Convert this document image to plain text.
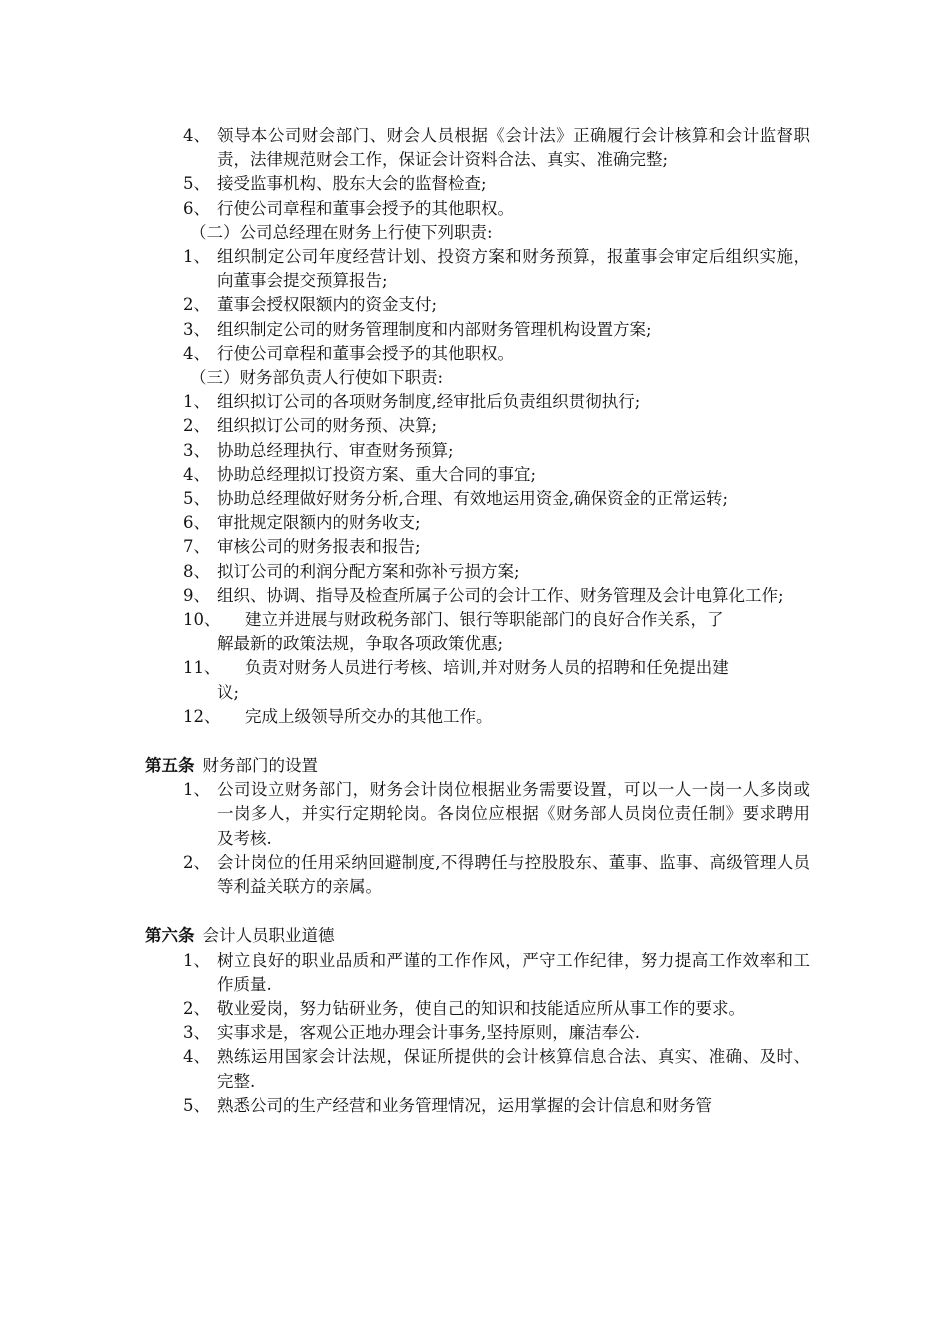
4、 领导本公司财会部门、财会人员根据《会计法》正确履行会计核算和会计监督职责，法律规范财会工作，保证会计资料合法、真实、准确完整;
5、 接受监事机构、股东大会的监督检查;
6、 行使公司章程和董事会授予的其他职权。
（二）公司总经理在财务上行使下列职责:
1、 组织制定公司年度经营计划、投资方案和财务预算，报董事会审定后组织实施，向董事会提交预算报告;
2、 董事会授权限额内的资金支付;
3、 组织制定公司的财务管理制度和内部财务管理机构设置方案;
4、 行使公司章程和董事会授予的其他职权。
（三）财务部负责人行使如下职责:
1、 组织拟订公司的各项财务制度,经审批后负责组织贯彻执行;
2、 组织拟订公司的财务预、决算;
3、 协助总经理执行、审查财务预算;
4、 协助总经理拟订投资方案、重大合同的事宜;
5、 协助总经理做好财务分析,合理、有效地运用资金,确保资金的正常运转;
6、 审批规定限额内的财务收支;
7、 审核公司的财务报表和报告;
8、 拟订公司的利润分配方案和弥补亏损方案;
9、 组织、协调、指导及检查所属子公司的会计工作、财务管理及会计电算化工作;
10、 建立并进展与财政税务部门、银行等职能部门的良好合作关系，了
解最新的政策法规，争取各项政策优惠;
11、 负责对财务人员进行考核、培训,并对财务人员的招聘和任免提出建
议;
12、 完成上级领导所交办的其他工作。
第五条 财务部门的设置
1、 公司设立财务部门，财务会计岗位根据业务需要设置，可以一人一岗一人多岗或一岗多人，并实行定期轮岗。各岗位应根据《财务部人员岗位责任制》要求聘用及考核.
2、 会计岗位的任用采纳回避制度,不得聘任与控股股东、董事、监事、高级管理人员等利益关联方的亲属。
第六条 会计人员职业道德
1、 树立良好的职业品质和严谨的工作作风，严守工作纪律，努力提高工作效率和工作质量.
2、 敬业爱岗，努力钻研业务，使自己的知识和技能适应所从事工作的要求。
3、 实事求是，客观公正地办理会计事务,坚持原则，廉洁奉公.
4、 熟练运用国家会计法规，保证所提供的会计核算信息合法、真实、准确、及时、完整.
5、 熟悉公司的生产经营和业务管理情况，运用掌握的会计信息和财务管
